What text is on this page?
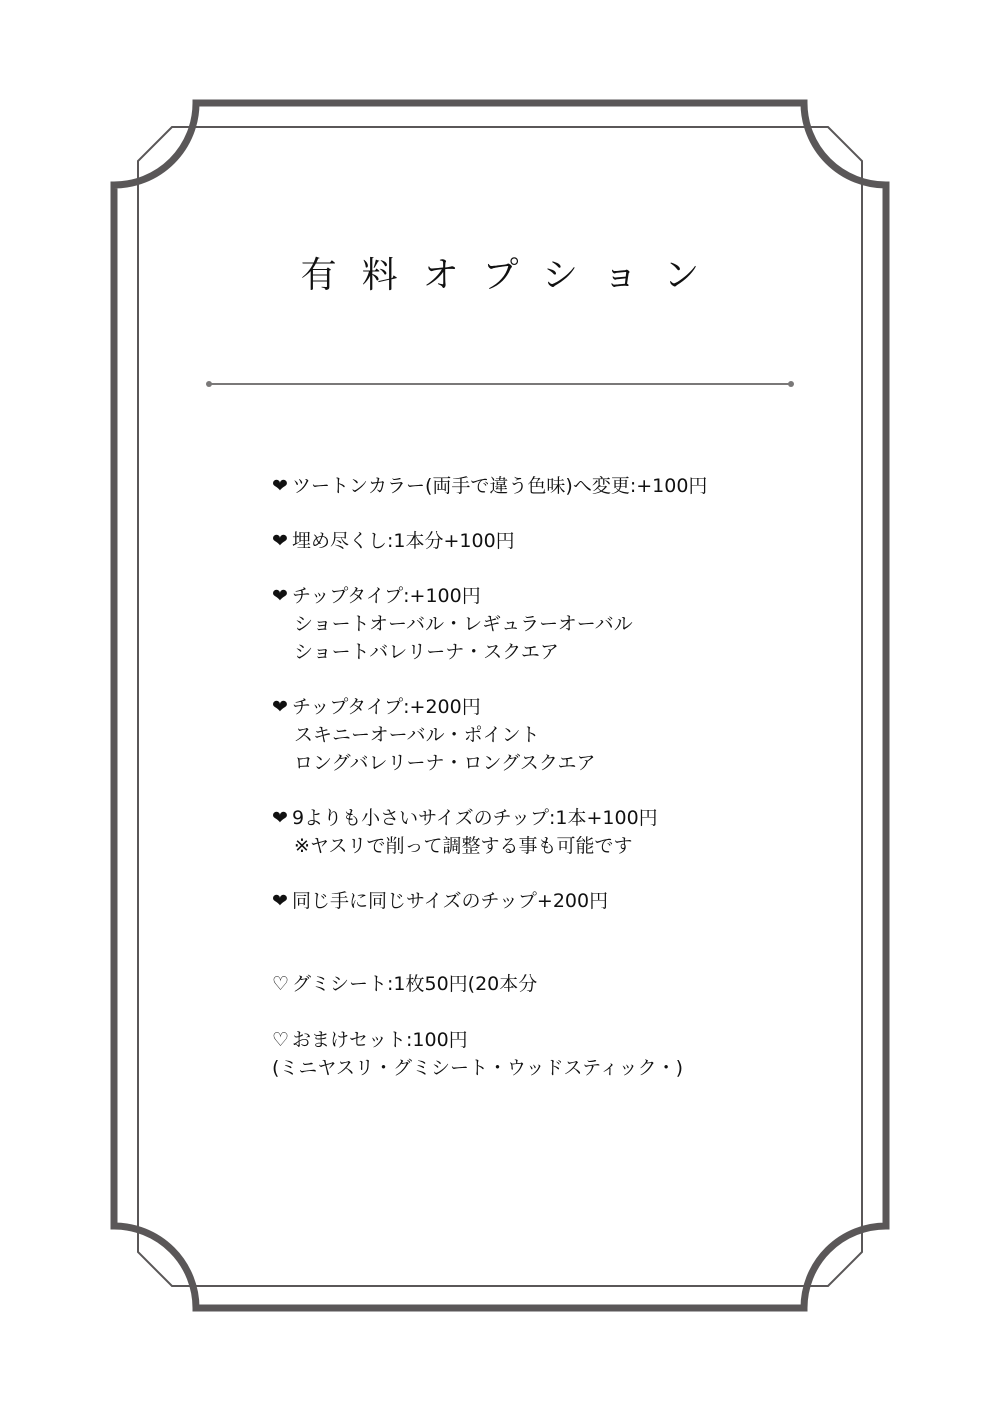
有料オプション
❤ ツートンカラー(両手で違う色味)へ変更:+100円
❤ 埋め尽くし:1本分+100円
❤ チップタイプ:+100円
ショートオーバル・レギュラーオーバル
ショートバレリーナ・スクエア
❤ チップタイプ:+200円
スキニーオーバル・ポイント
ロングバレリーナ・ロングスクエア
❤ 9よりも小さいサイズのチップ:1本+100円
※ヤスリで削って調整する事も可能です
❤ 同じ手に同じサイズのチップ+200円
♡ グミシート:1枚50円(20本分
♡ おまけセット:100円
(ミニヤスリ・グミシート・ウッドスティック・)
